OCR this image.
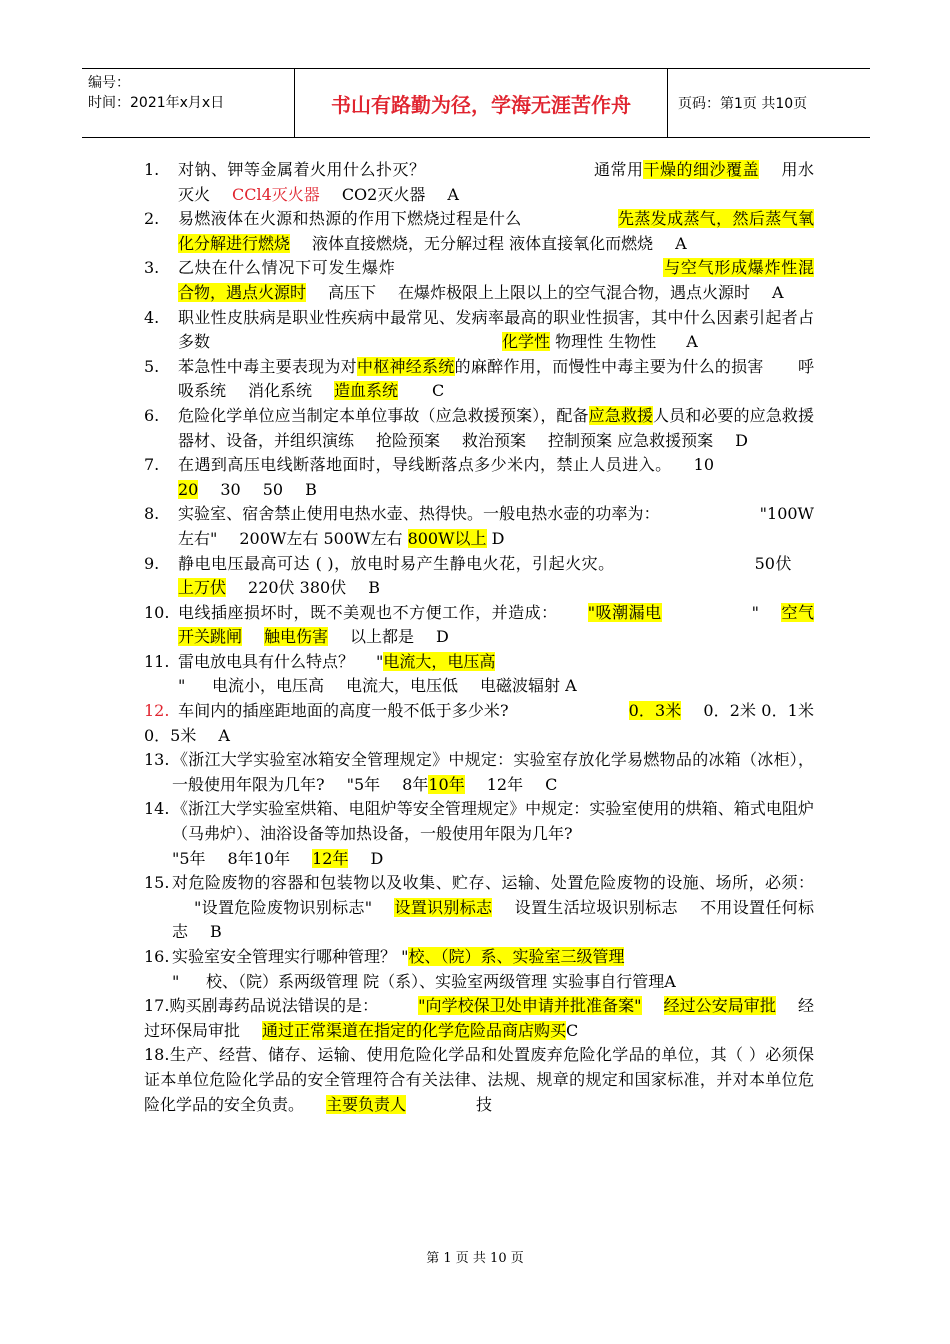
编号：
时间：2021年x月x日	书山有路勤为径，学海无涯苦作舟	页码：第1页 共10页

1. 对钠、钾等金属着火用什么扑灭？	通常用干燥的细沙覆盖 用水灭火 CCl4灭火器 CO2灭火器 A

2. 易燃液体在火源和热源的作用下燃烧过程是什么	先蒸发成蒸气，然后蒸气氧化分解进行燃烧 液体直接燃烧，无分解过程 液体直接氧化而燃烧 A

3. 乙炔在什么情况下可发生爆炸	与空气形成爆炸性混合物，遇点火源时 高压下 在爆炸极限上上限以上的空气混合物，遇点火源时 A

4. 职业性皮肤病是职业性疾病中最常见、发病率最高的职业性损害，其中什么因素引起者占多数	化学性 物理性 生物性 A

5. 苯急性中毒主要表现为对中枢神经系统的麻醉作用，而慢性中毒主要为什么的损害 呼吸系统 消化系统 造血系统 C

6. 危险化学单位应当制定本单位事故（应急救援预案），配备应急救援人员和必要的应急救援器材、设备，并组织演练 抢险预案 救治预案 控制预案 应急救援预案 D

7. 在遇到高压电线断落地面时，导线断落点多少米内，禁止人员进入。 1020 30 50 B

8. 实验室、宿舍禁止使用电热水壶、热得快。一般电热水壶的功率为：	"100W左右" 200W左右 500W左右 800W以上 D

9. 静电电压最高可达 ( )，放电时易产生静电火花，引起火灾。	50伏上万伏 220伏 380伏 B

10. 电线插座损坏时，既不美观也不方便工作，并造成： "吸潮漏电	" 空气开关跳闸 触电伤害 以上都是 D

11. 雷电放电具有什么特点？ "电流大，电压高
" 电流小，电压高 电流大，电压低 电磁波辐射 A

12. 车间内的插座距地面的高度一般不低于多少米?	0．3米 0．2米 0．1米 0．5米 A

13. 《浙江大学实验室冰箱安全管理规定》中规定：实验室存放化学易燃物品的冰箱（冰柜），一般使用年限为几年? "5年 8年10年 12年 C

14. 《浙江大学实验室烘箱、电阻炉等安全管理规定》中规定：实验室使用的烘箱、箱式电阻炉（马弗炉）、油浴设备等加热设备，一般使用年限为几年?
"5年 8年10年 12年 D

15. 对危险废物的容器和包装物以及收集、贮存、运输、处置危险废物的设施、场所，必须："设置危险废物识别标志" 设置识别标志 设置生活垃圾识别标志 不用设置任何标志 B

16. 实验室安全管理实行哪种管理？ "校、（院）系、实验室三级管理
" 校、（院）系两级管理 院（系）、实验室两级管理 实验事自行管理A

17.购买剧毒药品说法错误的是：	"向学校保卫处申请并批准备案" 经过公安局审批 经过环保局审批 通过正常渠道在指定的化学危险品商店购买C

18.生产、经营、储存、运输、使用危险化学品和处置废弃危险化学品的单位，其（ ）必须保证本单位危险化学品的安全管理符合有关法律、法规、规章的规定和国家标准，并对本单位危险化学品的安全负责。 主要负责人	技

第 1 页 共 10 页
